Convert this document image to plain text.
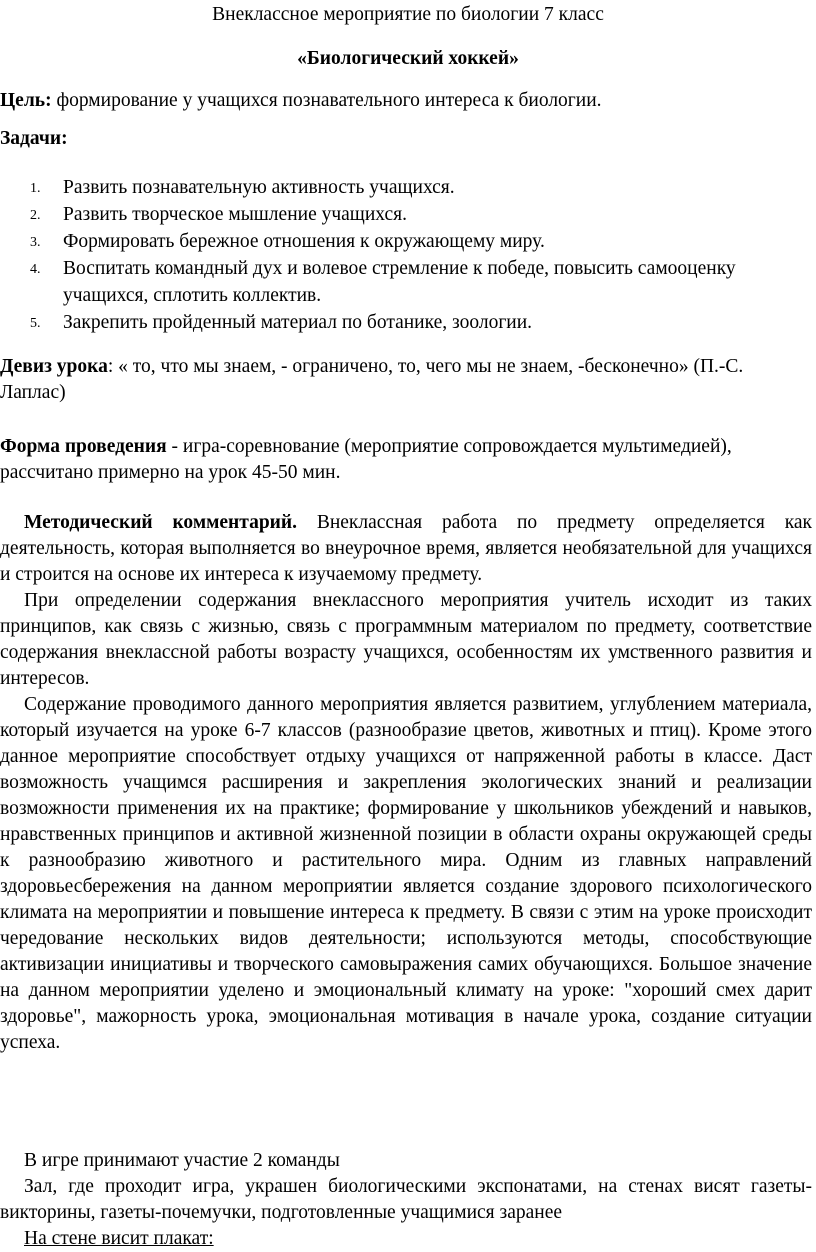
Внеклассное мероприятие по биологии 7 класс
«Биологический хоккей»
Цель: формирование у учащихся познавательного интереса к биологии.
Задачи:
1. Развить познавательную активность учащихся.
2. Развить творческое мышление учащихся.
3. Формировать бережное отношения к окружающему миру.
4. Воспитать командный дух и волевое стремление к победе, повысить самооценку учащихся, сплотить коллектив.
5. Закрепить пройденный материал по ботанике, зоологии.
Девиз урока: « то, что мы знаем, - ограничено, то, чего мы не знаем, -бесконечно» (П.-С. Лаплас)
Форма проведения - игра-соревнование (мероприятие сопровождается мультимедией), рассчитано примерно на урок 45-50 мин.

Методический комментарий. Внеклассная работа по предмету определяется как деятельность, которая выполняется во внеурочное время, является необязательной для учащихся и строится на основе их интереса к изучаемому предмету.

При определении содержания внеклассного мероприятия учитель исходит из таких принципов, как связь с жизнью, связь с программным материалом по предмету, соответствие содержания внеклассной работы возрасту учащихся, особенностям их умственного развития и интересов.

Содержание проводимого данного мероприятия является развитием, углублением материала, который изучается на уроке 6-7 классов (разнообразие цветов, животных и птиц). Кроме этого данное мероприятие способствует отдыху учащихся от напряженной работы в классе. Даст возможность учащимся расширения и закрепления экологических знаний и реализации возможности применения их на практике; формирование у школьников убеждений и навыков, нравственных принципов и активной жизненной позиции в области охраны окружающей среды к разнообразию животного и растительного мира. Одним из главных направлений здоровьесбережения на данном мероприятии является создание здорового психологического климата на мероприятии и повышение интереса к предмету. В связи с этим на уроке происходит чередование нескольких видов деятельности; используются методы, способствующие активизации инициативы и творческого самовыражения самих обучающихся. Большое значение на данном мероприятии уделено и эмоциональный климату на уроке: "хороший смех дарит здоровье", мажорность урока, эмоциональная мотивация в начале урока, создание ситуации успеха.

В игре принимают участие 2 команды

Зал, где проходит игра, украшен биологическими экспонатами, на стенах висят газеты-викторины, газеты-почемучки, подготовленные учащимися заранее

На стене висит плакат:
